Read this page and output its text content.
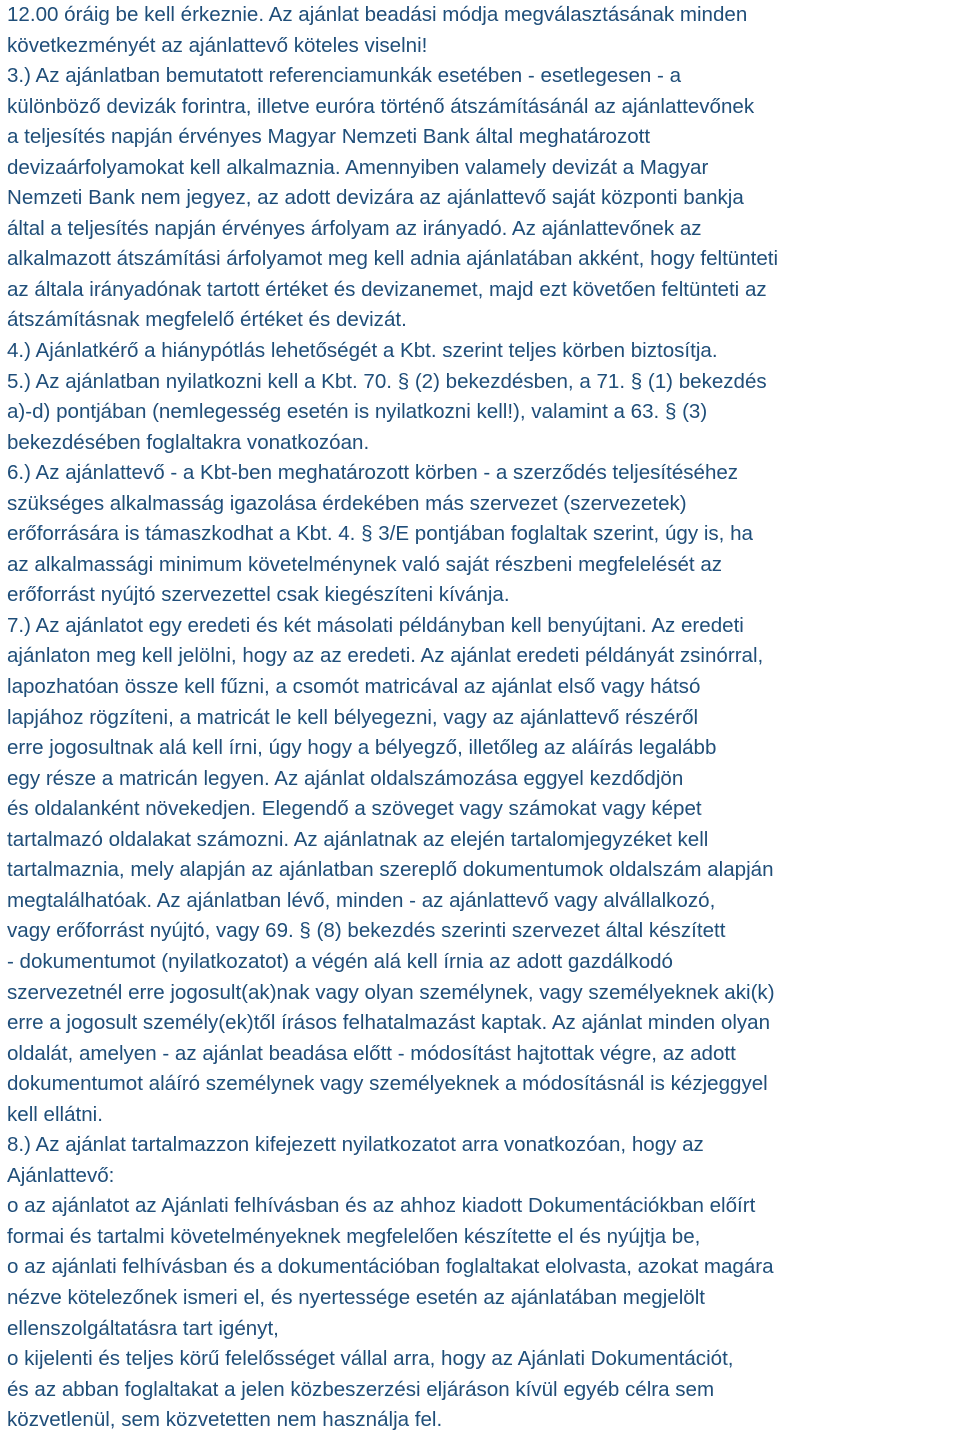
12.00 óráig be kell érkeznie. Az ajánlat beadási módja megválasztásának minden
következményét az ajánlattevő köteles viselni!
3.) Az ajánlatban bemutatott referenciamunkák esetében - esetlegesen - a
különböző devizák forintra, illetve euróra történő átszámításánál az ajánlattevőnek
a teljesítés napján érvényes Magyar Nemzeti Bank által meghatározott
devizaárfolyamokat kell alkalmaznia. Amennyiben valamely devizát a Magyar
Nemzeti Bank nem jegyez, az adott devizára az ajánlattevő saját központi bankja
által a teljesítés napján érvényes árfolyam az irányadó. Az ajánlattevőnek az
alkalmazott átszámítási árfolyamot meg kell adnia ajánlatában akként, hogy feltünteti
az általa irányadónak tartott értéket és devizanemet, majd ezt követően feltünteti az
átszámításnak megfelelő értéket és devizát.
4.) Ajánlatkérő a hiánypótlás lehetőségét a Kbt. szerint teljes körben biztosítja.
5.) Az ajánlatban nyilatkozni kell a Kbt. 70. § (2) bekezdésben, a 71. § (1) bekezdés
a)-d) pontjában (nemlegesség esetén is nyilatkozni kell!), valamint a 63. § (3)
bekezdésében foglaltakra vonatkozóan.
6.) Az ajánlattevő - a Kbt-ben meghatározott körben - a szerződés teljesítéséhez
szükséges alkalmasság igazolása érdekében más szervezet (szervezetek)
erőforrására is támaszkodhat a Kbt. 4. § 3/E pontjában foglaltak szerint, úgy is, ha
az alkalmassági minimum követelménynek való saját részbeni megfelelését az
erőforrást nyújtó szervezettel csak kiegészíteni kívánja.
7.) Az ajánlatot egy eredeti és két másolati példányban kell benyújtani. Az eredeti
ajánlaton meg kell jelölni, hogy az az eredeti. Az ajánlat eredeti példányát zsinórral,
lapozhatóan össze kell fűzni, a csomót matricával az ajánlat első vagy hátsó
lapjához rögzíteni, a matricát le kell bélyegezni, vagy az ajánlattevő részéről
erre jogosultnak alá kell írni, úgy hogy a bélyegző, illetőleg az aláírás legalább
egy része a matricán legyen. Az ajánlat oldalszámozása eggyel kezdődjön
és oldalanként növekedjen. Elegendő a szöveget vagy számokat vagy képet
tartalmazó oldalakat számozni. Az ajánlatnak az elején tartalomjegyzéket kell
tartalmaznia, mely alapján az ajánlatban szereplő dokumentumok oldalszám alapján
megtalálhatóak. Az ajánlatban lévő, minden - az ajánlattevő vagy alvállalkozó,
vagy erőforrást nyújtó, vagy 69. § (8) bekezdés szerinti szervezet által készített
- dokumentumot (nyilatkozatot) a végén alá kell írnia az adott gazdálkodó
szervezetnél erre jogosult(ak)nak vagy olyan személynek, vagy személyeknek aki(k)
erre a jogosult személy(ek)től írásos felhatalmazást kaptak. Az ajánlat minden olyan
oldalát, amelyen - az ajánlat beadása előtt - módosítást hajtottak végre, az adott
dokumentumot aláíró személynek vagy személyeknek a módosításnál is kézjeggyel
kell ellátni.
8.) Az ajánlat tartalmazzon kifejezett nyilatkozatot arra vonatkozóan, hogy az
Ajánlattevő:
o az ajánlatot az Ajánlati felhívásban és az ahhoz kiadott Dokumentációkban előírt
formai és tartalmi követelményeknek megfelelően készítette el és nyújtja be,
o az ajánlati felhívásban és a dokumentációban foglaltakat elolvasta, azokat magára
nézve kötelezőnek ismeri el, és nyertessége esetén az ajánlatában megjelölt
ellenszolgáltatásra tart igényt,
o kijelenti és teljes körű felelősséget vállal arra, hogy az Ajánlati Dokumentációt,
és az abban foglaltakat a jelen közbeszerzési eljáráson kívül egyéb célra sem
közvetlenül, sem közvetetten nem használja fel.
